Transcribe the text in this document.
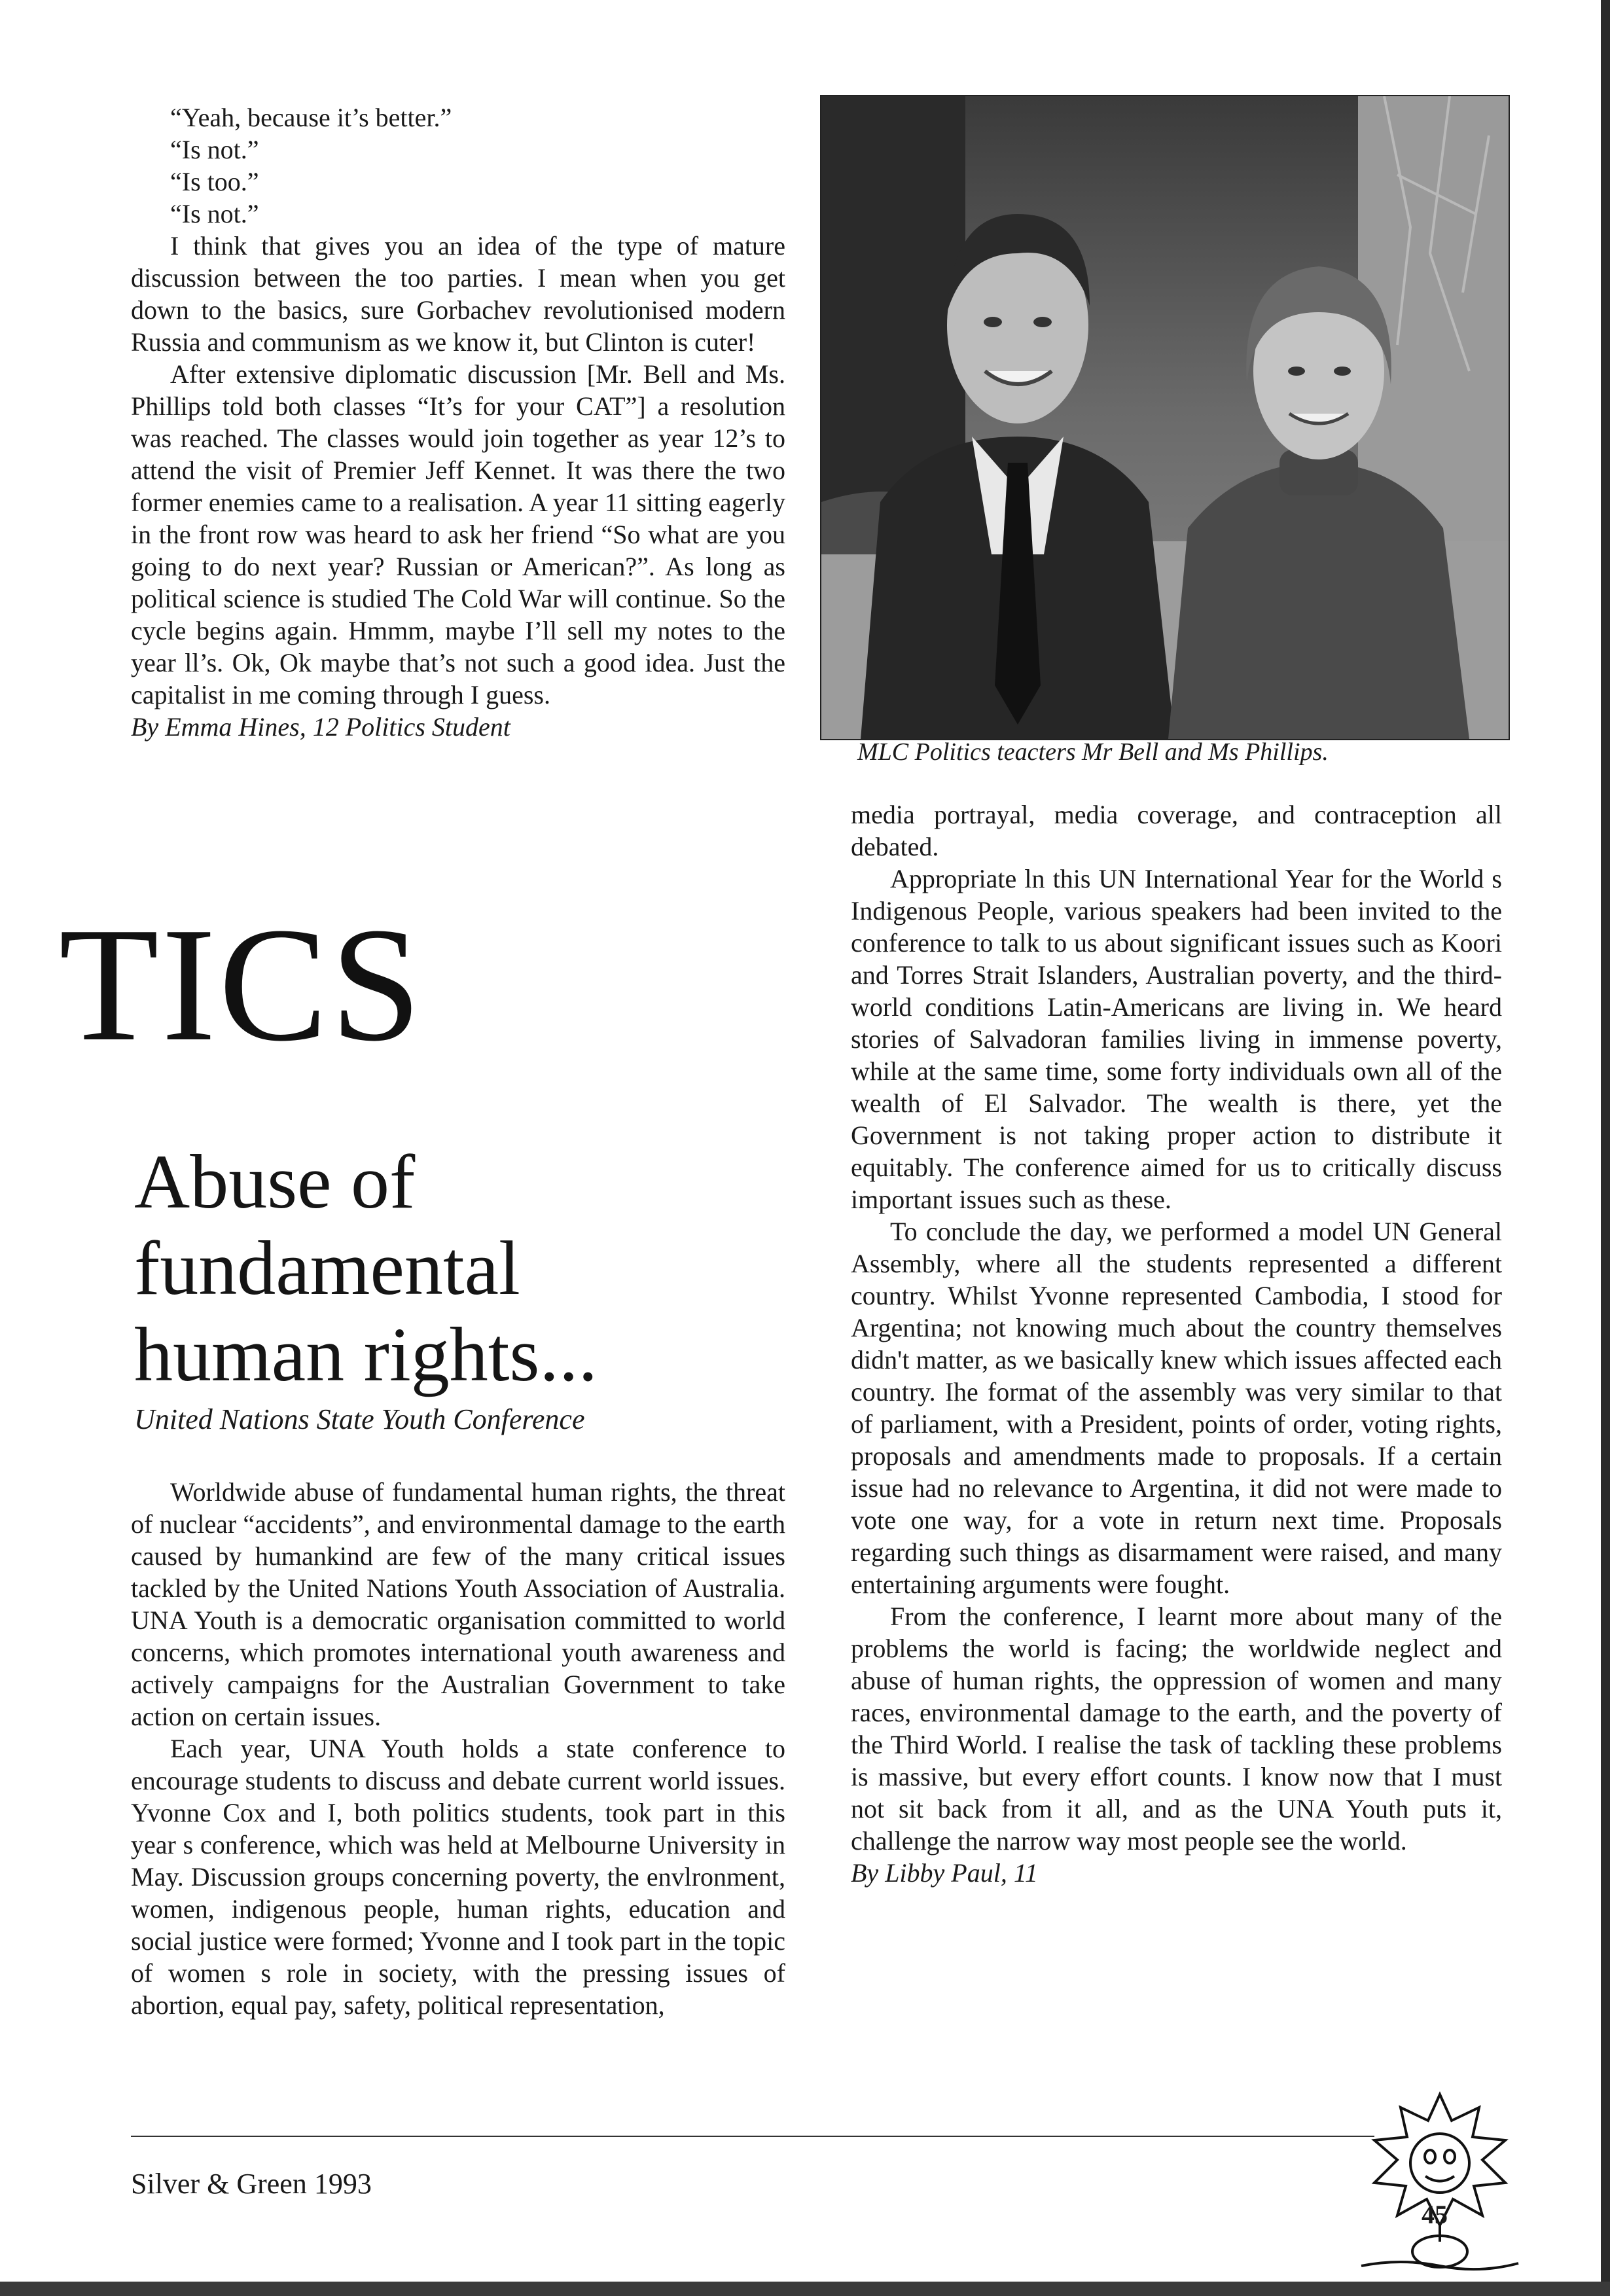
“Yeah, because it’s better.”

“Is not.”

“Is too.”

“Is not.”

I think that gives you an idea of the type of mature discussion between the too parties. I mean when you get down to the basics, sure Gorbachev revolutionised modern Russia and communism as we know it, but Clinton is cuter!

After extensive diplomatic discussion [Mr. Bell and Ms. Phillips told both classes “It’s for your CAT”] a resolution was reached. The classes would join together as year 12’s to attend the visit of Premier Jeff Kennet. It was there the two former enemies came to a realisation. A year 11 sitting eagerly in the front row was heard to ask her friend “So what are you going to do next year? Russian or American?”. As long as political science is studied The Cold War will continue. So the cycle begins again. Hmmm, maybe I’ll sell my notes to the year ll’s. Ok, Ok maybe that’s not such a good idea. Just the capitalist in me coming through I guess.

By Emma Hines, 12 Politics Student

TICS
Abuse of
fundamental
human rights...
United Nations State Youth Conference

Worldwide abuse of fundamental human rights, the threat of nuclear “accidents”, and environmental damage to the earth caused by humankind are few of the many critical issues tackled by the United Nations Youth Association of Australia. UNA Youth is a democratic organisation committed to world concerns, which promotes international youth awareness and actively campaigns for the Australian Government to take action on certain issues.

Each year, UNA Youth holds a state conference to encourage students to discuss and debate current world issues. Yvonne Cox and I, both politics students, took part in this year s conference, which was held at Melbourne University in May. Discussion groups concerning poverty, the envlronment, women, indigenous people, human rights, education and social justice were formed; Yvonne and I took part in the topic of women s role in society, with the pressing issues of abortion, equal pay, safety, political representation,

MLC Politics teacters Mr Bell and Ms Phillips.

media portrayal, media coverage, and contraception all debated.

Appropriate ln this UN International Year for the World s Indigenous People, various speakers had been invited to the conference to talk to us about significant issues such as Koori and Torres Strait Islanders, Australian poverty, and the third-world conditions Latin-Americans are living in. We heard stories of Salvadoran families living in immense poverty, while at the same time, some forty individuals own all of the wealth of El Salvador. The wealth is there, yet the Government is not taking proper action to distribute it equitably. The conference aimed for us to critically discuss important issues such as these.

To conclude the day, we performed a model UN General Assembly, where all the students represented a different country. Whilst Yvonne represented Cambodia, I stood for Argentina; not knowing much about the country themselves didn't matter, as we basically knew which issues affected each country. Ihe format of the assembly was very similar to that of parliament, with a President, points of order, voting rights, proposals and amendments made to proposals. If a certain issue had no relevance to Argentina, it did not were made to vote one way, for a vote in return next time. Proposals regarding such things as disarmament were raised, and many entertaining arguments were fought.

From the conference, I learnt more about many of the problems the world is facing; the worldwide neglect and abuse of human rights, the oppression of women and many races, environmental damage to the earth, and the poverty of the Third World. I realise the task of tackling these problems is massive, but every effort counts. I know now that I must not sit back from it all, and as the UNA Youth puts it, challenge the narrow way most people see the world.

By Libby Paul, 11

Silver & Green 1993
45
